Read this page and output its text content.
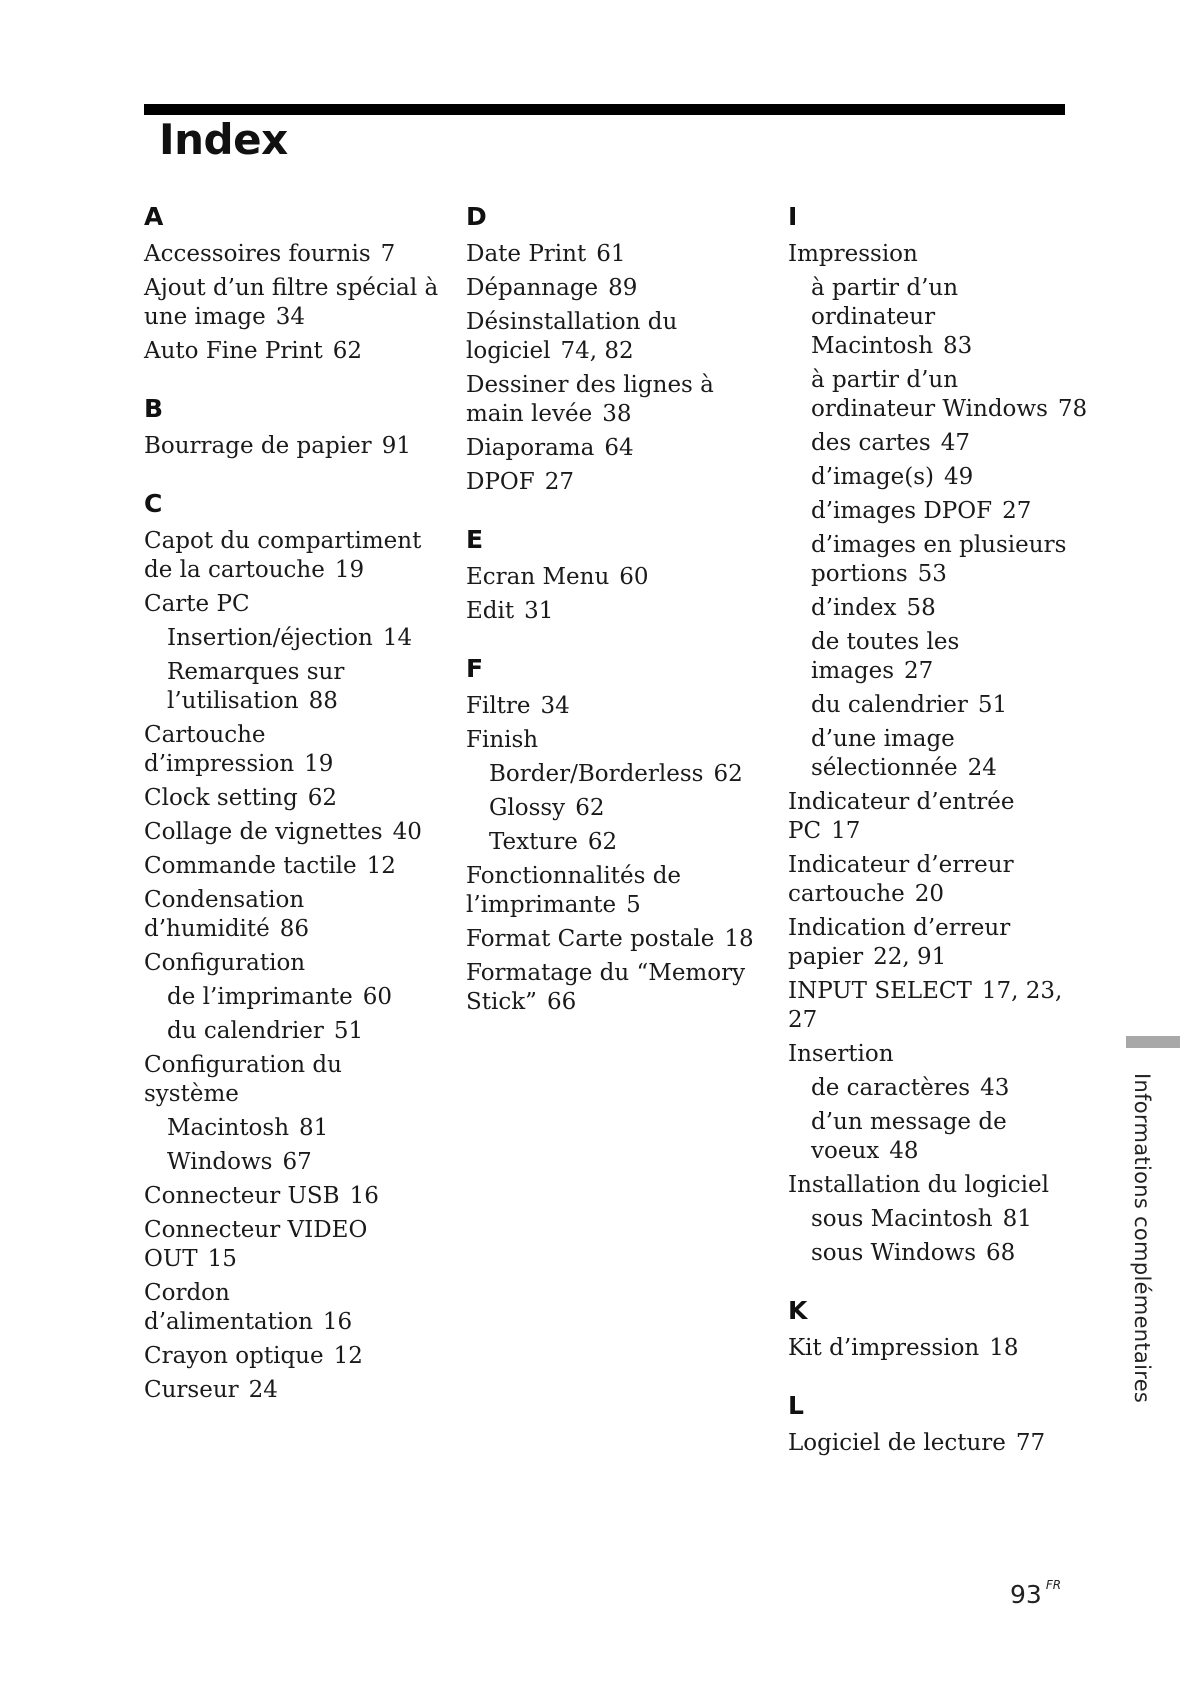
Index
A
Accessoires fournis 7
Ajout d’un filtre spécial à une image 34
Auto Fine Print 62
B
Bourrage de papier 91
C
Capot du compartiment de la cartouche 19
Carte PC
Insertion/éjection 14
Remarques sur l’utilisation 88
Cartouche d’impression 19
Clock setting 62
Collage de vignettes 40
Commande tactile 12
Condensation d’humidité 86
Configuration
de l’imprimante 60
du calendrier 51
Configuration du système
Macintosh 81
Windows 67
Connecteur USB 16
Connecteur VIDEO OUT 15
Cordon d’alimentation 16
Crayon optique 12
Curseur 24
D
Date Print 61
Dépannage 89
Désinstallation du logiciel 74, 82
Dessiner des lignes à main levée 38
Diaporama 64
DPOF 27
E
Ecran Menu 60
Edit 31
F
Filtre 34
Finish
Border/Borderless 62
Glossy 62
Texture 62
Fonctionnalités de l’imprimante 5
Format Carte postale 18
Formatage du “Memory Stick” 66
I
Impression
à partir d’un ordinateur Macintosh 83
à partir d’un ordinateur Windows 78
des cartes 47
d’image(s) 49
d’images DPOF 27
d’images en plusieurs portions 53
d’index 58
de toutes les images 27
du calendrier 51
d’une image sélectionnée 24
Indicateur d’entrée PC 17
Indicateur d’erreur cartouche 20
Indication d’erreur papier 22, 91
INPUT SELECT 17, 23, 27
Insertion
de caractères 43
d’un message de voeux 48
Installation du logiciel
sous Macintosh 81
sous Windows 68
K
Kit d’impression 18
L
Logiciel de lecture 77
Informations complémentaires
93 $^{FR}$
